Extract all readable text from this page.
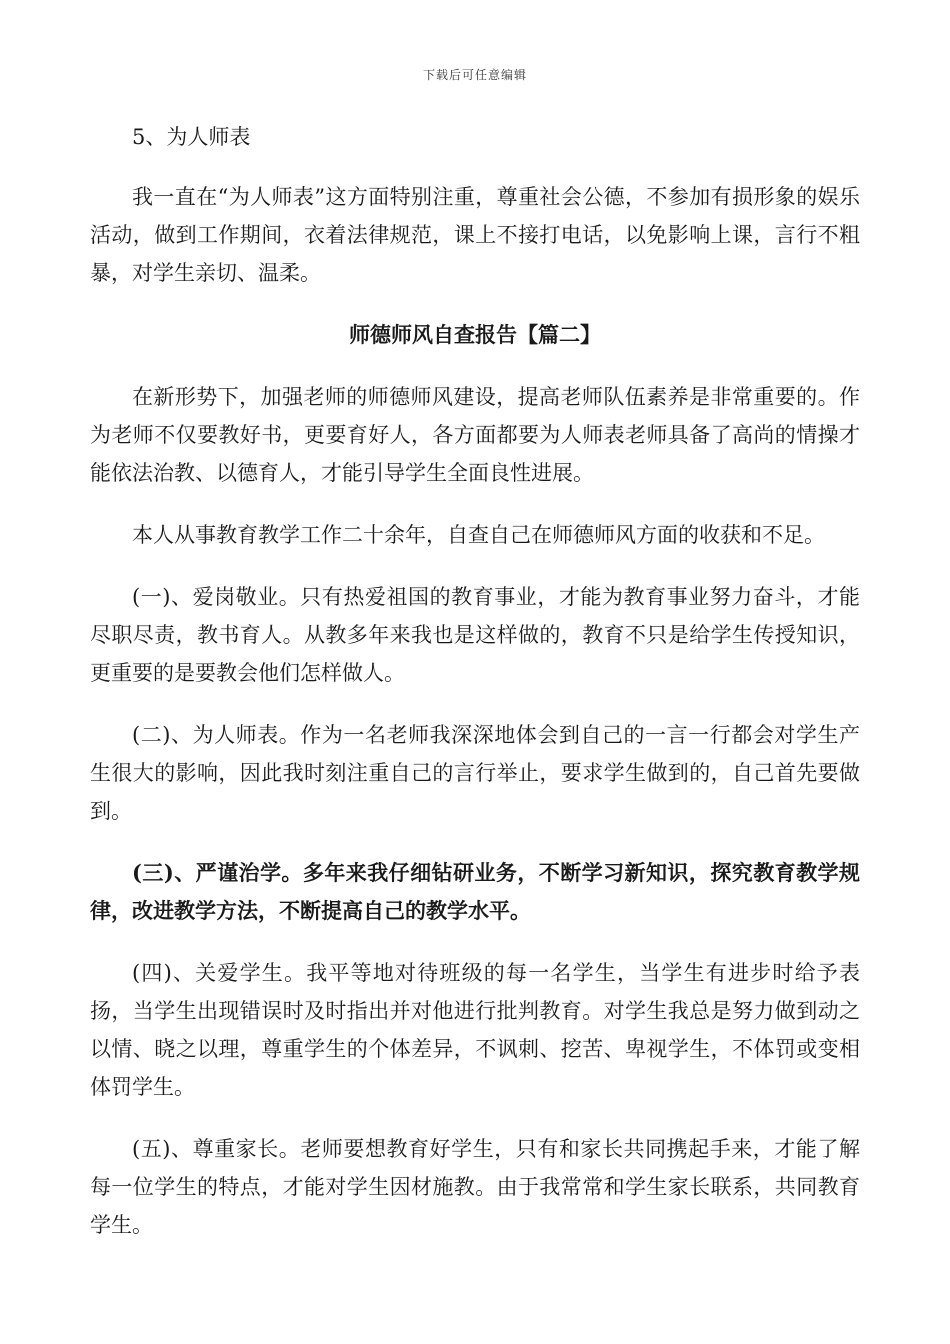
下载后可任意编辑

5、为人师表

我一直在“为人师表”这方面特别注重，尊重社会公德，不参加有损形象的娱乐活动，做到工作期间，衣着法律规范，课上不接打电话，以免影响上课，言行不粗暴，对学生亲切、温柔。

师德师风自查报告【篇二】

在新形势下，加强老师的师德师风建设，提高老师队伍素养是非常重要的。作为老师不仅要教好书，更要育好人，各方面都要为人师表老师具备了高尚的情操才能依法治教、以德育人，才能引导学生全面良性进展。

本人从事教育教学工作二十余年，自查自己在师德师风方面的收获和不足。

(一)、爱岗敬业。只有热爱祖国的教育事业，才能为教育事业努力奋斗，才能尽职尽责，教书育人。从教多年来我也是这样做的，教育不只是给学生传授知识，更重要的是要教会他们怎样做人。

(二)、为人师表。作为一名老师我深深地体会到自己的一言一行都会对学生产生很大的影响，因此我时刻注重自己的言行举止，要求学生做到的，自己首先要做到。

(三)、严谨治学。多年来我仔细钻研业务，不断学习新知识，探究教育教学规律，改进教学方法，不断提高自己的教学水平。

(四)、关爱学生。我平等地对待班级的每一名学生，当学生有进步时给予表扬，当学生出现错误时及时指出并对他进行批判教育。对学生我总是努力做到动之以情、晓之以理，尊重学生的个体差异，不讽刺、挖苦、卑视学生，不体罚或变相体罚学生。

(五)、尊重家长。老师要想教育好学生，只有和家长共同携起手来，才能了解每一位学生的特点，才能对学生因材施教。由于我常常和学生家长联系，共同教育学生。
